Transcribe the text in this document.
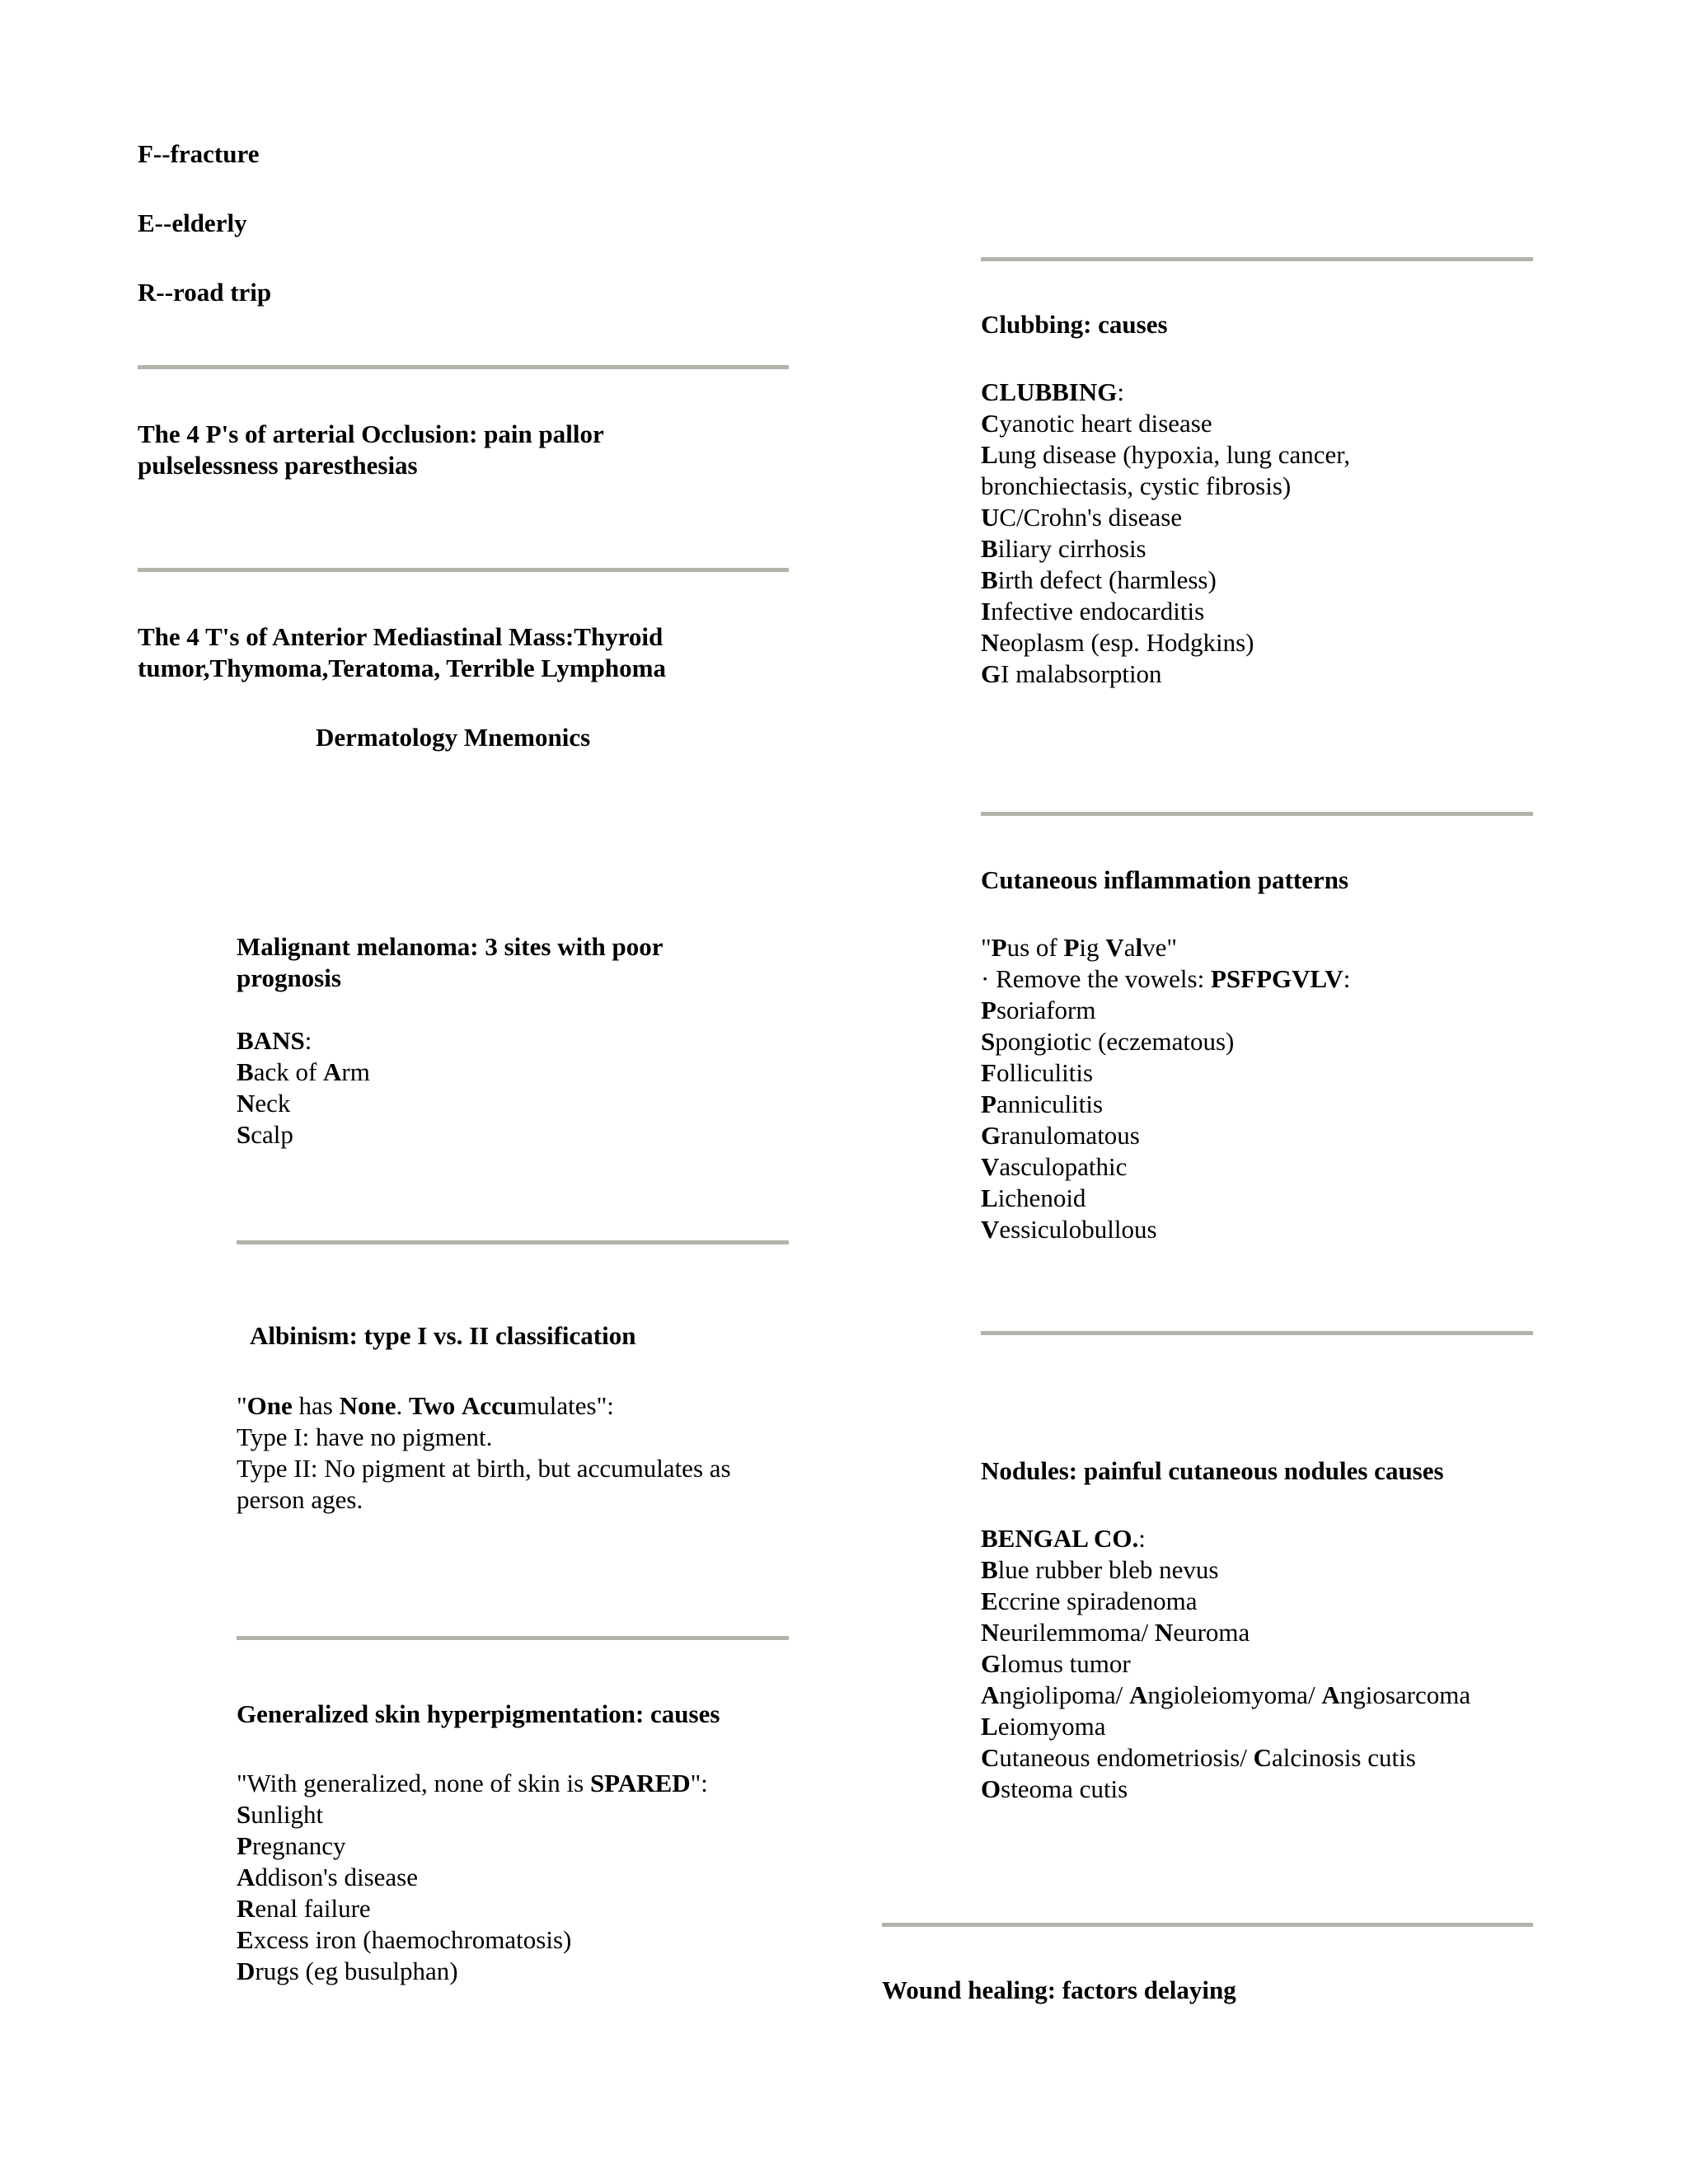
F--fracture
E--elderly
R--road trip
The 4 P's of arterial Occlusion: pain pallor
pulselessness paresthesias
The 4 T's of Anterior Mediastinal Mass:Thyroid
tumor,Thymoma,Teratoma, Terrible Lymphoma
Dermatology Mnemonics
Malignant melanoma: 3 sites with poor
prognosis
BANS:
Back of Arm
Neck
Scalp
Albinism: type I vs. II classification
"One has None. Two Accumulates":
Type I: have no pigment.
Type II: No pigment at birth, but accumulates as
person ages.
Generalized skin hyperpigmentation: causes
"With generalized, none of skin is SPARED":
Sunlight
Pregnancy
Addison's disease
Renal failure
Excess iron (haemochromatosis)
Drugs (eg busulphan)
Clubbing: causes
CLUBBING:
Cyanotic heart disease
Lung disease (hypoxia, lung cancer,
bronchiectasis, cystic fibrosis)
UC/Crohn's disease
Biliary cirrhosis
Birth defect (harmless)
Infective endocarditis
Neoplasm (esp. Hodgkins)
GI malabsorption
Cutaneous inflammation patterns
"Pus of Pig Valve"
· Remove the vowels: PSFPGVLV:
Psoriaform
Spongiotic (eczematous)
Folliculitis
Panniculitis
Granulomatous
Vasculopathic
Lichenoid
Vessiculobullous
Nodules: painful cutaneous nodules causes
BENGAL CO.:
Blue rubber bleb nevus
Eccrine spiradenoma
Neurilemmoma/ Neuroma
Glomus tumor
Angiolipoma/ Angioleiomyoma/ Angiosarcoma
Leiomyoma
Cutaneous endometriosis/ Calcinosis cutis
Osteoma cutis
Wound healing: factors delaying
